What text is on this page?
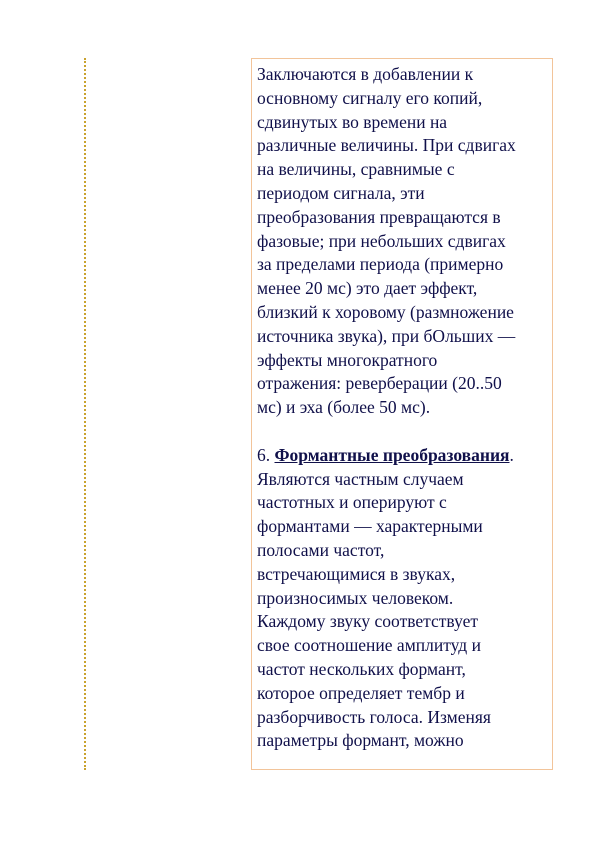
Заключаются в добавлении к
основному сигналу его копий,
сдвинутых во времени на
различные величины. При сдвигах
на величины, сравнимые с
периодом сигнала, эти
преобразования превращаются в
фазовые; при небольших сдвигах
за пределами периода (примерно
менее 20 мс) это дает эффект,
близкий к хоровому (размножение
источника звука), при бОльших —
эффекты многократного
отражения: реверберации (20..50
мс) и эха (более 50 мс).

6. Формантные преобразования.
Являются частным случаем
частотных и оперируют с
формантами — характерными
полосами частот,
встречающимися в звуках,
произносимых человеком.
Каждому звуку соответствует
свое соотношение амплитуд и
частот нескольких формант,
которое определяет тембр и
разборчивость голоса. Изменяя
параметры формант, можно
